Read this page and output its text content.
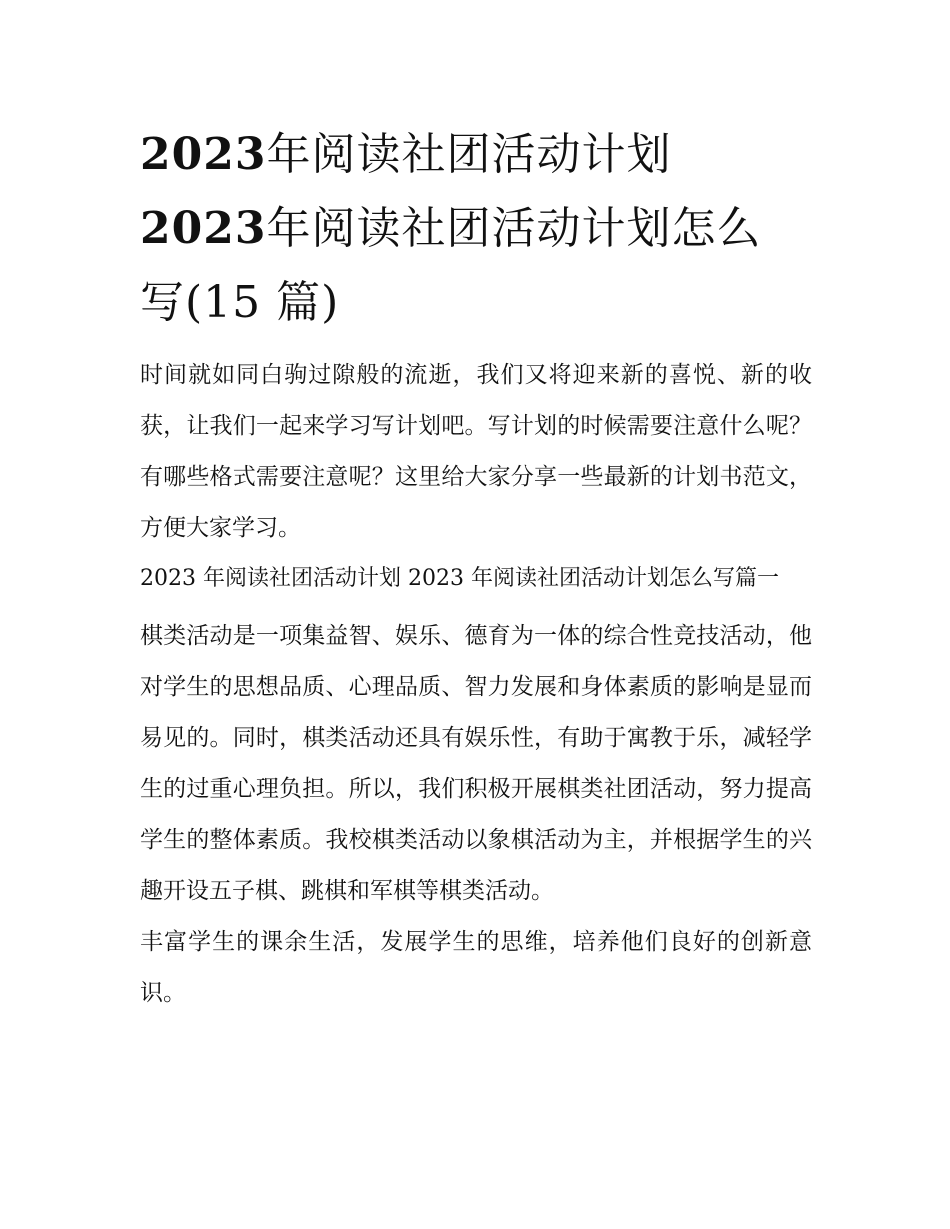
2023年阅读社团活动计划
2023年阅读社团活动计划怎么
写(15 篇)

时间就如同白驹过隙般的流逝，我们又将迎来新的喜悦、新的收获，让我们一起来学习写计划吧。写计划的时候需要注意什么呢？有哪些格式需要注意呢？这里给大家分享一些最新的计划书范文，方便大家学习。

2023 年阅读社团活动计划 2023 年阅读社团活动计划怎么写篇一

棋类活动是一项集益智、娱乐、德育为一体的综合性竞技活动，他对学生的思想品质、心理品质、智力发展和身体素质的影响是显而易见的。同时，棋类活动还具有娱乐性，有助于寓教于乐，减轻学生的过重心理负担。所以，我们积极开展棋类社团活动，努力提高学生的整体素质。我校棋类活动以象棋活动为主，并根据学生的兴趣开设五子棋、跳棋和军棋等棋类活动。

丰富学生的课余生活，发展学生的思维，培养他们良好的创新意识。
